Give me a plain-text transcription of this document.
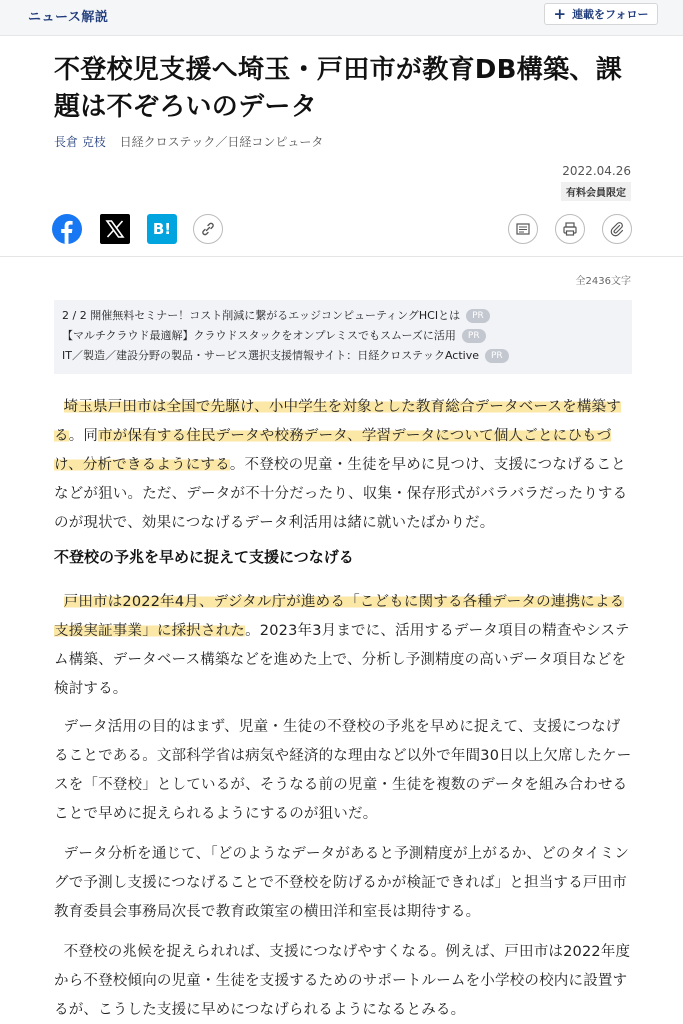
ニュース解説	+ 連載をフォロー
不登校児支援へ埼玉・戸田市が教育DB構築、課題は不ぞろいのデータ
長倉 克枝 日経クロステック／日経コンピュータ
2022.04.26
有料会員限定
B!
全2436文字
2 / 2 開催無料セミナー！コスト削減に繋がるエッジコンピューティングHCIとは PR
【マルチクラウド最適解】クラウドスタックをオンプレミスでもスムーズに活用 PR
IT／製造／建設分野の製品・サービス選択支援情報サイト：日経クロステックActive PR

埼玉県戸田市は全国で先駆け、小中学生を対象とした教育総合データベースを構築する。同市が保有する住民データや校務データ、学習データについて個人ごとにひもづけ、分析できるようにする。不登校の児童・生徒を早めに見つけ、支援につなげることなどが狙い。ただ、データが不十分だったり、収集・保存形式がバラバラだったりするのが現状で、効果につなげるデータ利活用は緒に就いたばかりだ。

不登校の予兆を早めに捉えて支援につなげる

戸田市は2022年4月、デジタル庁が進める「こどもに関する各種データの連携による支援実証事業」に採択された。2023年3月までに、活用するデータ項目の精査やシステム構築、データベース構築などを進めた上で、分析し予測精度の高いデータ項目などを検討する。

データ活用の目的はまず、児童・生徒の不登校の予兆を早めに捉えて、支援につなげることである。文部科学省は病気や経済的な理由など以外で年間30日以上欠席したケースを「不登校」としているが、そうなる前の児童・生徒を複数のデータを組み合わせることで早めに捉えられるようにするのが狙いだ。

データ分析を通じて、「どのようなデータがあると予測精度が上がるか、どのタイミングで予測し支援につなげることで不登校を防げるかが検証できれば」と担当する戸田市教育委員会事務局次長で教育政策室の横田洋和室長は期待する。

不登校の兆候を捉えられれば、支援につなげやすくなる。例えば、戸田市は2022年度から不登校傾向の児童・生徒を支援するためのサポートルームを小学校の校内に設置するが、こうした支援に早めにつなげられるようになるとみる。
